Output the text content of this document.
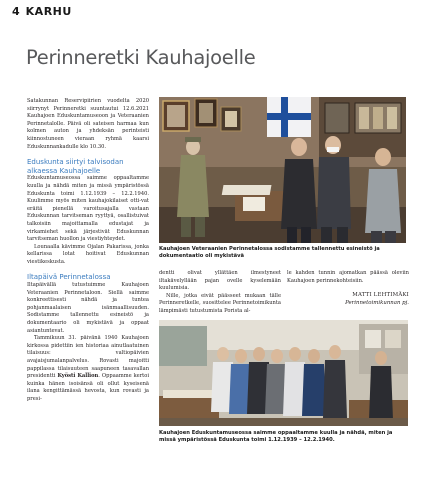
4 KARHU
Perinneretki Kauhajoelle

Satakunnan Reservipiirien vuodelta 2020 siirrynyt Perinneretki suuntautui 12.6.2021 Kauhajoen Eduskuntamuseoon ja Veteraanien Perinnetalolle. Päivä oli sateisen harmaa kun kolmen auton ja yhdeksän perinteisti kiinnostuneen vieraan ryhmä kaarsi Eduskunnankadulle klo 10.30.

Eduskunta siirtyi talvisodan alkaessa Kauhajoelle

Eduskuntamuseossa saimme oppaaltamme kuulla ja nähdä miten ja missä ympäristössä Eduskunta toimi 1.12.1939 – 12.2.1940. Kuulimme myös miten kauhajokilaiset otti-vat eräitä pienellä varoitusajalla vastaan Eduskunnan tarvitseman ryyttyä, osallistuivat talkoisiin majoittamalla edustajat ja virkamiehet sekä järjestivät Eduskunnan tarvitseman huollon ja viestiyhteydet.

Lounaalla kävimme Ojalan Pakarissa, jonka kellarissa lotat hoitivat Eduskunnan viestikeskusta.

Iltapäivä Perinnetalossa

Iltapäivällä tutustuimme Kauhajoen Veteraanien Perinnetaloon. Siellä saimme konkreettisesti nähdä ja tuntea pohjanmaalaisen isänmaallisuuden. Sodistamme tallennettu esineistö ja dokumentaario oli mykistävä ja oppaat asiantuntevat.

Tammikuun 31. päivänä 1940 Kauhajoen kirkossa pidettiin ien historiaa ainutlaatuinen tilaisuus: valtiopäivien avajaisjumalanpalvelus. Rovasti majoitti pappilassa tilaisuuteen saapuneen tasavallan presidentti Kyösti Kallion. Oppaamme kertoi kuinka hänen isoisänsä oli ollut kyseisenä ilana kengittämässä hevosta, kun rovasti ja presi-

Kauhajoen Veteraanien Perinnetalossa sodistamme tallennettu esineistö ja dokumentaatio oli mykistävä

dentti olivat yllättäen ilmestyneet iltakävelyllään pajan ovelle kyselemään kuulumisia.

Nille, jotka eivät päässeet mukaan tälle Perinneretkelle, suosittelee Perinnetoimikunta lämpimästi tutustumista Porista al-

le kahden tunnin ajomatkan päässä oleviin Kauhajoen perinnekohteisiin.

MATTI LEHTIMÄKI
Perinnetoimikunnan pj.
Kauhajoen Eduskuntamuseossa saimme oppaaltamme kuulla ja nähdä, miten ja missä ympäristössä Eduskunta toimi 1.12.1939 – 12.2.1940.
